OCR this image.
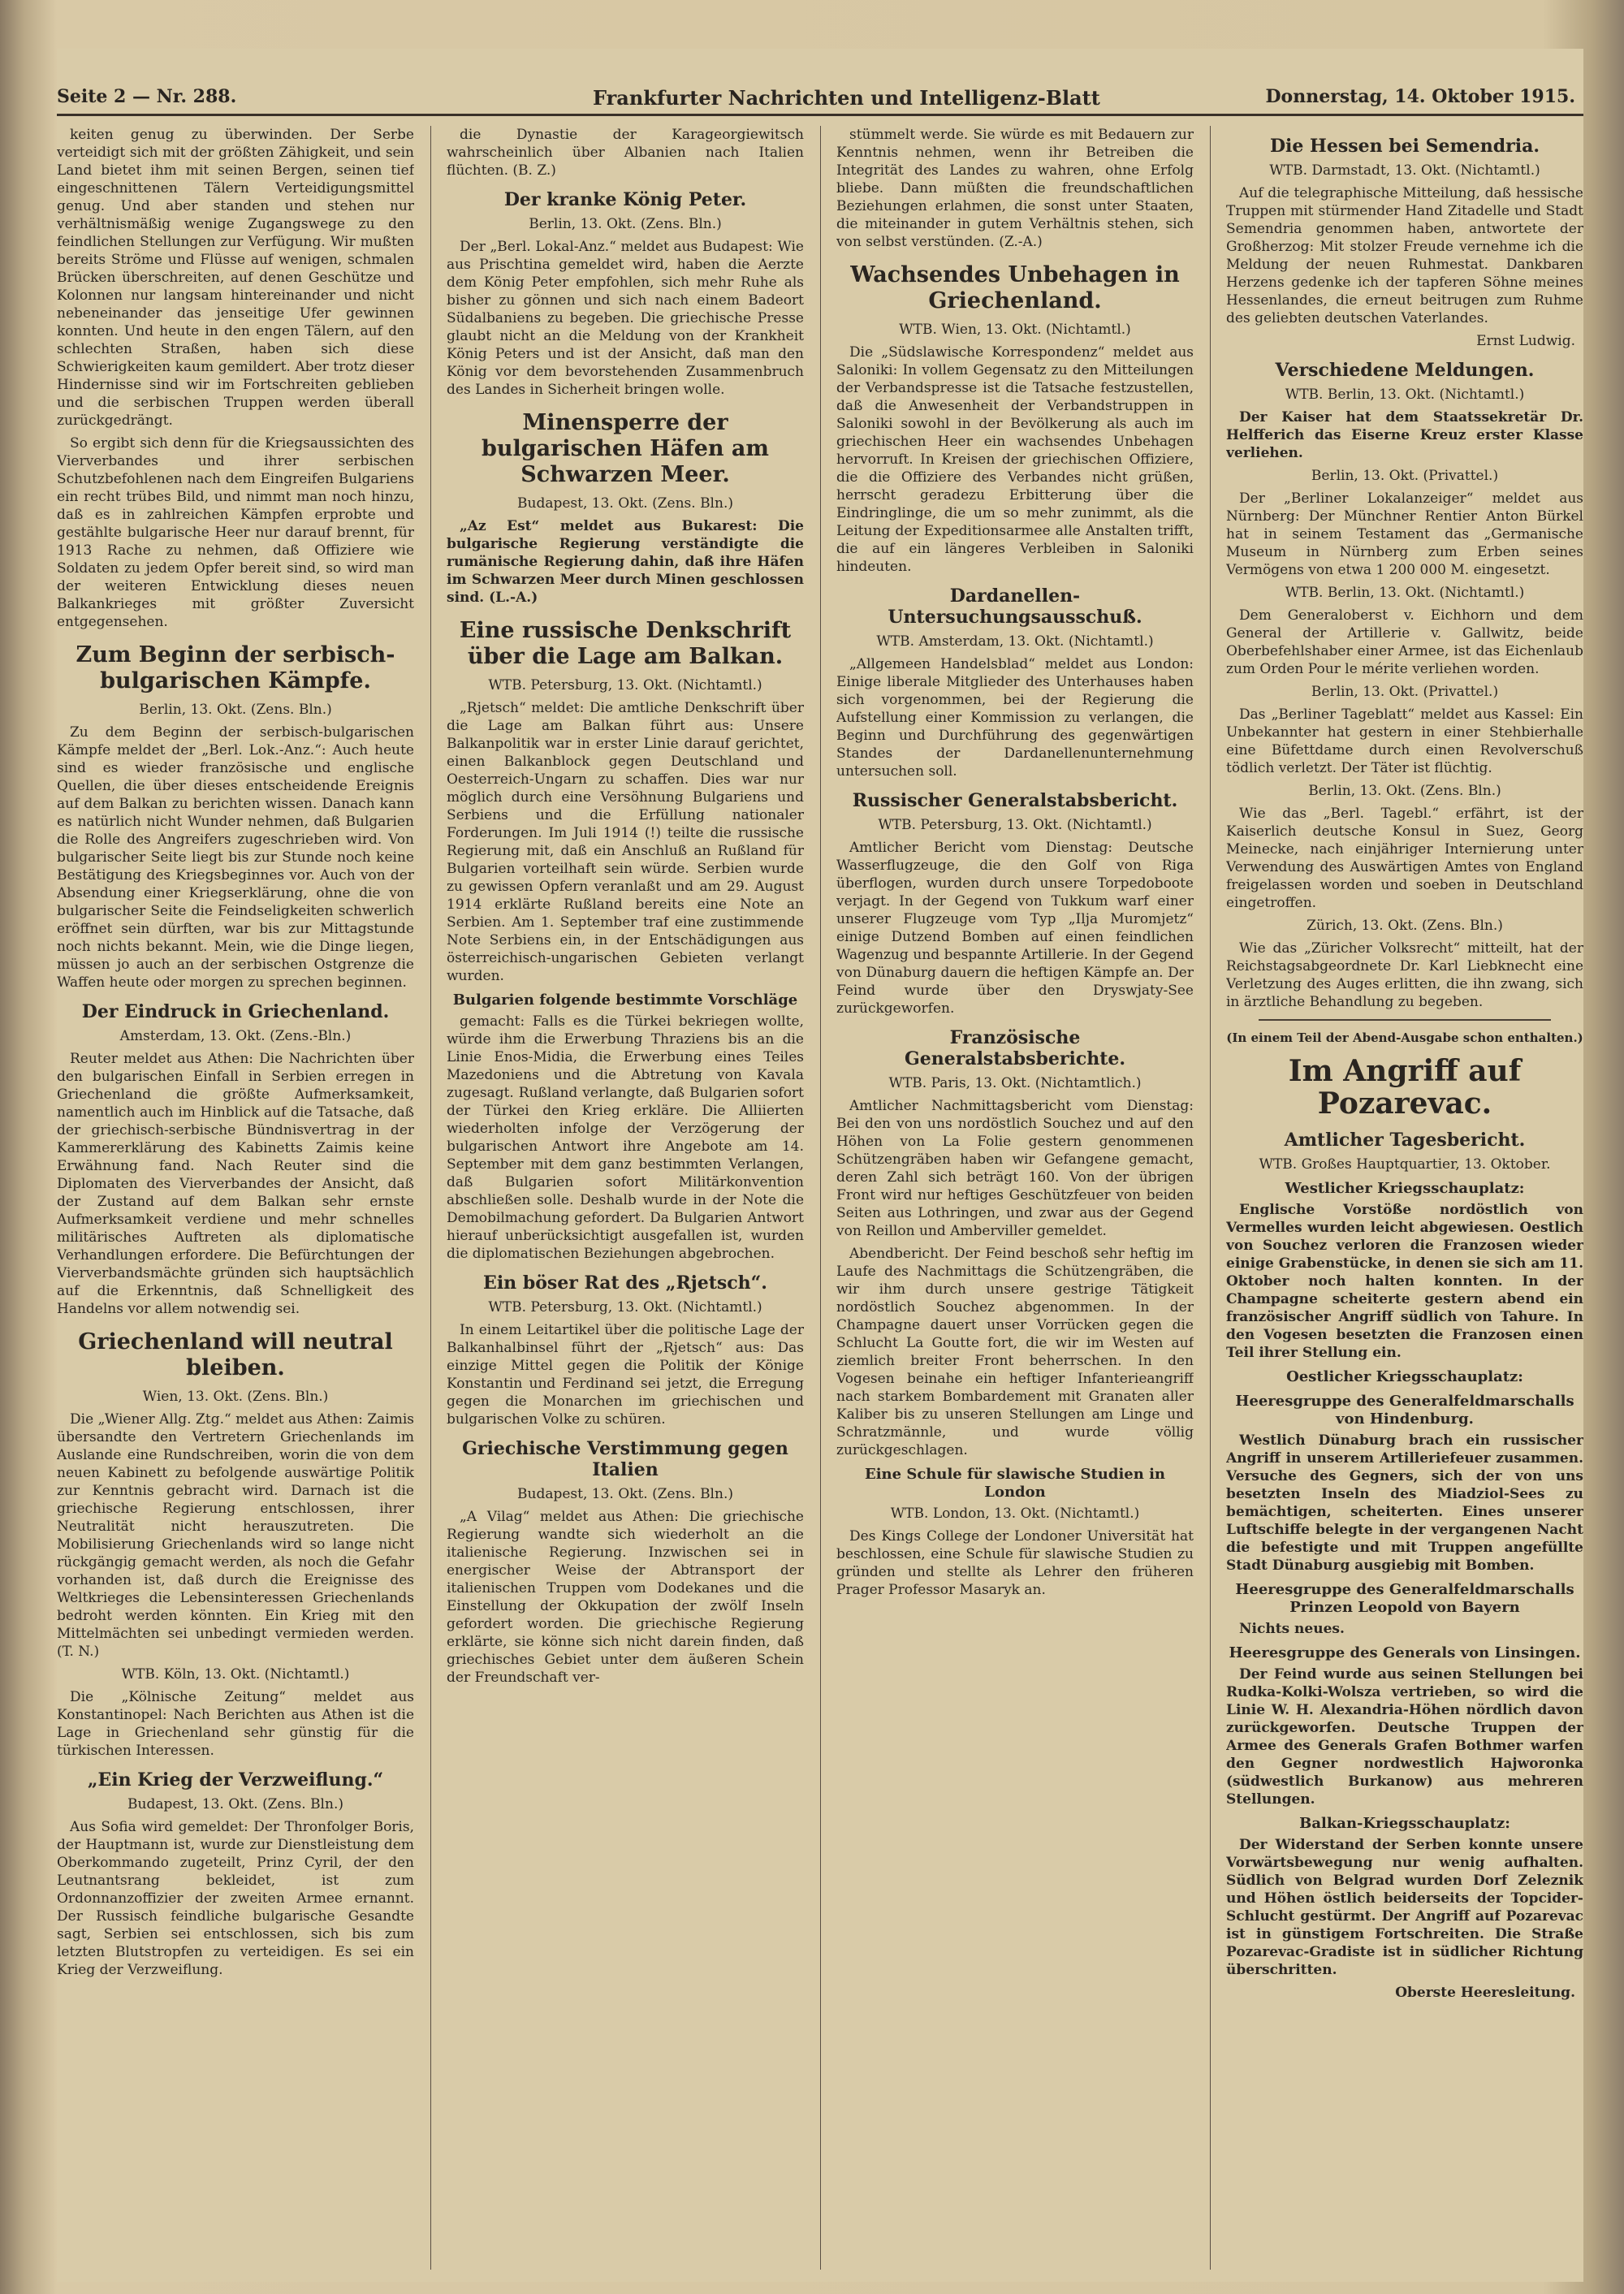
Seite 2 — Nr. 288.	Frankfurter Nachrichten und Intelligenz-Blatt	Donnerstag, 14. Oktober 1915.

keiten genug zu überwinden. Der Serbe verteidigt sich mit der größten Zähigkeit, und sein Land bietet ihm mit seinen Bergen, seinen tief eingeschnittenen Tälern Verteidigungsmittel genug. Und aber standen und stehen nur verhältnismäßig wenige Zugangswege zu den feindlichen Stellungen zur Verfügung. Wir mußten bereits Ströme und Flüsse auf wenigen, schmalen Brücken überschreiten, auf denen Geschütze und Kolonnen nur langsam hintereinander und nicht nebeneinander das jenseitige Ufer gewinnen konnten. Und heute in den engen Tälern, auf den schlechten Straßen, haben sich diese Schwierigkeiten kaum gemildert. Aber trotz dieser Hindernisse sind wir im Fortschreiten geblieben und die serbischen Truppen werden überall zurückgedrängt.

So ergibt sich denn für die Kriegsaussichten des Vierverbandes und ihrer serbischen Schutzbefohlenen nach dem Eingreifen Bulgariens ein recht trübes Bild, und nimmt man noch hinzu, daß es in zahlreichen Kämpfen erprobte und gestählte bulgarische Heer nur darauf brennt, für 1913 Rache zu nehmen, daß Offiziere wie Soldaten zu jedem Opfer bereit sind, so wird man der weiteren Entwicklung dieses neuen Balkankrieges mit größter Zuversicht entgegensehen.

Zum Beginn der serbisch-bulgarischen Kämpfe.
Berlin, 13. Okt. (Zens. Bln.)

Zu dem Beginn der serbisch-bulgarischen Kämpfe meldet der „Berl. Lok.-Anz.“: Auch heute sind es wieder französische und englische Quellen, die über dieses entscheidende Ereignis auf dem Balkan zu berichten wissen. Danach kann es natürlich nicht Wunder nehmen, daß Bulgarien die Rolle des Angreifers zugeschrieben wird. Von bulgarischer Seite liegt bis zur Stunde noch keine Bestätigung des Kriegsbeginnes vor. Auch von der Absendung einer Kriegserklärung, ohne die von bulgarischer Seite die Feindseligkeiten schwerlich eröffnet sein dürften, war bis zur Mittagstunde noch nichts bekannt. Mein, wie die Dinge liegen, müssen jo auch an der serbischen Ostgrenze die Waffen heute oder morgen zu sprechen beginnen.

Der Eindruck in Griechenland.
Amsterdam, 13. Okt. (Zens.-Bln.)

Reuter meldet aus Athen: Die Nachrichten über den bulgarischen Einfall in Serbien erregen in Griechenland die größte Aufmerksamkeit, namentlich auch im Hinblick auf die Tatsache, daß der griechisch-serbische Bündnisvertrag in der Kammererklärung des Kabinetts Zaimis keine Erwähnung fand. Nach Reuter sind die Diplomaten des Vierverbandes der Ansicht, daß der Zustand auf dem Balkan sehr ernste Aufmerksamkeit verdiene und mehr schnelles militärisches Auftreten als diplomatische Verhandlungen erfordere. Die Befürchtungen der Vierverbandsmächte gründen sich hauptsächlich auf die Erkenntnis, daß Schnelligkeit des Handelns vor allem notwendig sei.

Griechenland will neutral bleiben.
Wien, 13. Okt. (Zens. Bln.)

Die „Wiener Allg. Ztg.“ meldet aus Athen: Zaimis übersandte den Vertretern Griechenlands im Auslande eine Rundschreiben, worin die von dem neuen Kabinett zu befolgende auswärtige Politik zur Kenntnis gebracht wird. Darnach ist die griechische Regierung entschlossen, ihrer Neutralität nicht herauszutreten. Die Mobilisierung Griechenlands wird so lange nicht rückgängig gemacht werden, als noch die Gefahr vorhanden ist, daß durch die Ereignisse des Weltkrieges die Lebensinteressen Griechenlands bedroht werden könnten. Ein Krieg mit den Mittelmächten sei unbedingt vermieden werden. (T. N.)

WTB. Köln, 13. Okt. (Nichtamtl.)

Die „Kölnische Zeitung“ meldet aus Konstantinopel: Nach Berichten aus Athen ist die Lage in Griechenland sehr günstig für die türkischen Interessen.

„Ein Krieg der Verzweiflung.“
Budapest, 13. Okt. (Zens. Bln.)

Aus Sofia wird gemeldet: Der Thronfolger Boris, der Hauptmann ist, wurde zur Dienstleistung dem Oberkommando zugeteilt, Prinz Cyril, der den Leutnantsrang bekleidet, ist zum Ordonnanzoffizier der zweiten Armee ernannt. Der Russisch feindliche bulgarische Gesandte sagt, Serbien sei entschlossen, sich bis zum letzten Blutstropfen zu verteidigen. Es sei ein Krieg der Verzweiflung.

die Dynastie der Karageorgiewitsch wahrscheinlich über Albanien nach Italien flüchten. (B. Z.)

Der kranke König Peter.
Berlin, 13. Okt. (Zens. Bln.)

Der „Berl. Lokal-Anz.“ meldet aus Budapest: Wie aus Prischtina gemeldet wird, haben die Aerzte dem König Peter empfohlen, sich mehr Ruhe als bisher zu gönnen und sich nach einem Badeort Südalbaniens zu begeben. Die griechische Presse glaubt nicht an die Meldung von der Krankheit König Peters und ist der Ansicht, daß man den König vor dem bevorstehenden Zusammenbruch des Landes in Sicherheit bringen wolle.

Minensperre der bulgarischen Häfen am Schwarzen Meer.
Budapest, 13. Okt. (Zens. Bln.)

„Az Est“ meldet aus Bukarest: Die bulgarische Regierung verständigte die rumänische Regierung dahin, daß ihre Häfen im Schwarzen Meer durch Minen geschlossen sind. (L.-A.)

Eine russische Denkschrift über die Lage am Balkan.
WTB. Petersburg, 13. Okt. (Nichtamtl.)

„Rjetsch“ meldet: Die amtliche Denkschrift über die Lage am Balkan führt aus: Unsere Balkanpolitik war in erster Linie darauf gerichtet, einen Balkanblock gegen Deutschland und Oesterreich-Ungarn zu schaffen. Dies war nur möglich durch eine Versöhnung Bulgariens und Serbiens und die Erfüllung nationaler Forderungen. Im Juli 1914 (!) teilte die russische Regierung mit, daß ein Anschluß an Rußland für Bulgarien vorteilhaft sein würde. Serbien wurde zu gewissen Opfern veranlaßt und am 29. August 1914 erklärte Rußland bereits eine Note an Serbien. Am 1. September traf eine zustimmende Note Serbiens ein, in der Entschädigungen aus österreichisch-ungarischen Gebieten verlangt wurden.

Bulgarien folgende bestimmte Vorschläge

gemacht: Falls es die Türkei bekriegen wollte, würde ihm die Erwerbung Thraziens bis an die Linie Enos-Midia, die Erwerbung eines Teiles Mazedoniens und die Abtretung von Kavala zugesagt. Rußland verlangte, daß Bulgarien sofort der Türkei den Krieg erkläre. Die Alliierten wiederholten infolge der Verzögerung der bulgarischen Antwort ihre Angebote am 14. September mit dem ganz bestimmten Verlangen, daß Bulgarien sofort Militärkonvention abschließen solle. Deshalb wurde in der Note die Demobilmachung gefordert. Da Bulgarien Antwort hierauf unberücksichtigt ausgefallen ist, wurden die diplomatischen Beziehungen abgebrochen.

Ein böser Rat des „Rjetsch“.
WTB. Petersburg, 13. Okt. (Nichtamtl.)

In einem Leitartikel über die politische Lage der Balkanhalbinsel führt der „Rjetsch“ aus: Das einzige Mittel gegen die Politik der Könige Konstantin und Ferdinand sei jetzt, die Erregung gegen die Monarchen im griechischen und bulgarischen Volke zu schüren.

Griechische Verstimmung gegen Italien
Budapest, 13. Okt. (Zens. Bln.)

„A Vilag“ meldet aus Athen: Die griechische Regierung wandte sich wiederholt an die italienische Regierung. Inzwischen sei in energischer Weise der Abtransport der italienischen Truppen vom Dodekanes und die Einstellung der Okkupation der zwölf Inseln gefordert worden. Die griechische Regierung erklärte, sie könne sich nicht darein finden, daß griechisches Gebiet unter dem äußeren Schein der Freundschaft ver-

stümmelt werde. Sie würde es mit Bedauern zur Kenntnis nehmen, wenn ihr Betreiben die Integrität des Landes zu wahren, ohne Erfolg bliebe. Dann müßten die freundschaftlichen Beziehungen erlahmen, die sonst unter Staaten, die miteinander in gutem Verhältnis stehen, sich von selbst verstünden. (Z.-A.)

Wachsendes Unbehagen in Griechenland.
WTB. Wien, 13. Okt. (Nichtamtl.)

Die „Südslawische Korrespondenz“ meldet aus Saloniki: In vollem Gegensatz zu den Mitteilungen der Verbandspresse ist die Tatsache festzustellen, daß die Anwesenheit der Verbandstruppen in Saloniki sowohl in der Bevölkerung als auch im griechischen Heer ein wachsendes Unbehagen hervorruft. In Kreisen der griechischen Offiziere, die die Offiziere des Verbandes nicht grüßen, herrscht geradezu Erbitterung über die Eindringlinge, die um so mehr zunimmt, als die Leitung der Expeditionsarmee alle Anstalten trifft, die auf ein längeres Verbleiben in Saloniki hindeuten.

Dardanellen-Untersuchungsausschuß.
WTB. Amsterdam, 13. Okt. (Nichtamtl.)

„Allgemeen Handelsblad“ meldet aus London: Einige liberale Mitglieder des Unterhauses haben sich vorgenommen, bei der Regierung die Aufstellung einer Kommission zu verlangen, die Beginn und Durchführung des gegenwärtigen Standes der Dardanellenunternehmung untersuchen soll.

Russischer Generalstabsbericht.
WTB. Petersburg, 13. Okt. (Nichtamtl.)

Amtlicher Bericht vom Dienstag: Deutsche Wasserflugzeuge, die den Golf von Riga überflogen, wurden durch unsere Torpedoboote verjagt. In der Gegend von Tukkum warf einer unserer Flugzeuge vom Typ „Ilja Muromjetz“ einige Dutzend Bomben auf einen feindlichen Wagenzug und bespannte Artillerie. In der Gegend von Dünaburg dauern die heftigen Kämpfe an. Der Feind wurde über den Dryswjaty-See zurückgeworfen.

Französische Generalstabsberichte.
WTB. Paris, 13. Okt. (Nichtamtlich.)

Amtlicher Nachmittagsbericht vom Dienstag: Bei den von uns nordöstlich Souchez und auf den Höhen von La Folie gestern genommenen Schützengräben haben wir Gefangene gemacht, deren Zahl sich beträgt 160. Von der übrigen Front wird nur heftiges Geschützfeuer von beiden Seiten aus Lothringen, und zwar aus der Gegend von Reillon und Amberviller gemeldet.

Abendbericht. Der Feind beschoß sehr heftig im Laufe des Nachmittags die Schützengräben, die wir ihm durch unsere gestrige Tätigkeit nordöstlich Souchez abgenommen. In der Champagne dauert unser Vorrücken gegen die Schlucht La Goutte fort, die wir im Westen auf ziemlich breiter Front beherrschen. In den Vogesen beinahe ein heftiger Infanterieangriff nach starkem Bombardement mit Granaten aller Kaliber bis zu unseren Stellungen am Linge und Schratzmännle, und wurde völlig zurückgeschlagen.

Eine Schule für slawische Studien in London
WTB. London, 13. Okt. (Nichtamtl.)

Des Kings College der Londoner Universität hat beschlossen, eine Schule für slawische Studien zu gründen und stellte als Lehrer den früheren Prager Professor Masaryk an.

Die Hessen bei Semendria.
WTB. Darmstadt, 13. Okt. (Nichtamtl.)

Auf die telegraphische Mitteilung, daß hessische Truppen mit stürmender Hand Zitadelle und Stadt Semendria genommen haben, antwortete der Großherzog: Mit stolzer Freude vernehme ich die Meldung der neuen Ruhmestat. Dankbaren Herzens gedenke ich der tapferen Söhne meines Hessenlandes, die erneut beitrugen zum Ruhme des geliebten deutschen Vaterlandes.

Ernst Ludwig.
Verschiedene Meldungen.
WTB. Berlin, 13. Okt. (Nichtamtl.)

Der Kaiser hat dem Staatssekretär Dr. Helfferich das Eiserne Kreuz erster Klasse verliehen.

Berlin, 13. Okt. (Privattel.)

Der „Berliner Lokalanzeiger“ meldet aus Nürnberg: Der Münchner Rentier Anton Bürkel hat in seinem Testament das „Germanische Museum in Nürnberg zum Erben seines Vermögens von etwa 1 200 000 M. eingesetzt.

WTB. Berlin, 13. Okt. (Nichtamtl.)

Dem Generaloberst v. Eichhorn und dem General der Artillerie v. Gallwitz, beide Oberbefehlshaber einer Armee, ist das Eichenlaub zum Orden Pour le mérite verliehen worden.

Berlin, 13. Okt. (Privattel.)

Das „Berliner Tageblatt“ meldet aus Kassel: Ein Unbekannter hat gestern in einer Stehbierhalle eine Büfettdame durch einen Revolverschuß tödlich verletzt. Der Täter ist flüchtig.

Berlin, 13. Okt. (Zens. Bln.)

Wie das „Berl. Tagebl.“ erfährt, ist der Kaiserlich deutsche Konsul in Suez, Georg Meinecke, nach einjähriger Internierung unter Verwendung des Auswärtigen Amtes von England freigelassen worden und soeben in Deutschland eingetroffen.

Zürich, 13. Okt. (Zens. Bln.)

Wie das „Züricher Volksrecht“ mitteilt, hat der Reichstagsabgeordnete Dr. Karl Liebknecht eine Verletzung des Auges erlitten, die ihn zwang, sich in ärztliche Behandlung zu begeben.

(In einem Teil der Abend-Ausgabe schon enthalten.)
Im Angriff auf Pozarevac.
Amtlicher Tagesbericht.
WTB. Großes Hauptquartier, 13. Oktober.
Westlicher Kriegsschauplatz:

Englische Vorstöße nordöstlich von Vermelles wurden leicht abgewiesen. Oestlich von Souchez verloren die Franzosen wieder einige Grabenstücke, in denen sie sich am 11. Oktober noch halten konnten. In der Champagne scheiterte gestern abend ein französischer Angriff südlich von Tahure. In den Vogesen besetzten die Franzosen einen Teil ihrer Stellung ein.

Oestlicher Kriegsschauplatz:
Heeresgruppe des Generalfeldmarschalls von Hindenburg.

Westlich Dünaburg brach ein russischer Angriff in unserem Artilleriefeuer zusammen. Versuche des Gegners, sich der von uns besetzten Inseln des Miadziol-Sees zu bemächtigen, scheiterten. Eines unserer Luftschiffe belegte in der vergangenen Nacht die befestigte und mit Truppen angefüllte Stadt Dünaburg ausgiebig mit Bomben.

Heeresgruppe des Generalfeldmarschalls Prinzen Leopold von Bayern

Nichts neues.

Heeresgruppe des Generals von Linsingen.

Der Feind wurde aus seinen Stellungen bei Rudka-Kolki-Wolsza vertrieben, so wird die Linie W. H. Alexandria-Höhen nördlich davon zurückgeworfen. Deutsche Truppen der Armee des Generals Grafen Bothmer warfen den Gegner nordwestlich Hajworonka (südwestlich Burkanow) aus mehreren Stellungen.

Balkan-Kriegsschauplatz:

Der Widerstand der Serben konnte unsere Vorwärtsbewegung nur wenig aufhalten. Südlich von Belgrad wurden Dorf Zeleznik und Höhen östlich beiderseits der Topcider-Schlucht gestürmt. Der Angriff auf Pozarevac ist in günstigem Fortschreiten. Die Straße Pozarevac-Gradiste ist in südlicher Richtung überschritten.

Oberste Heeresleitung.
